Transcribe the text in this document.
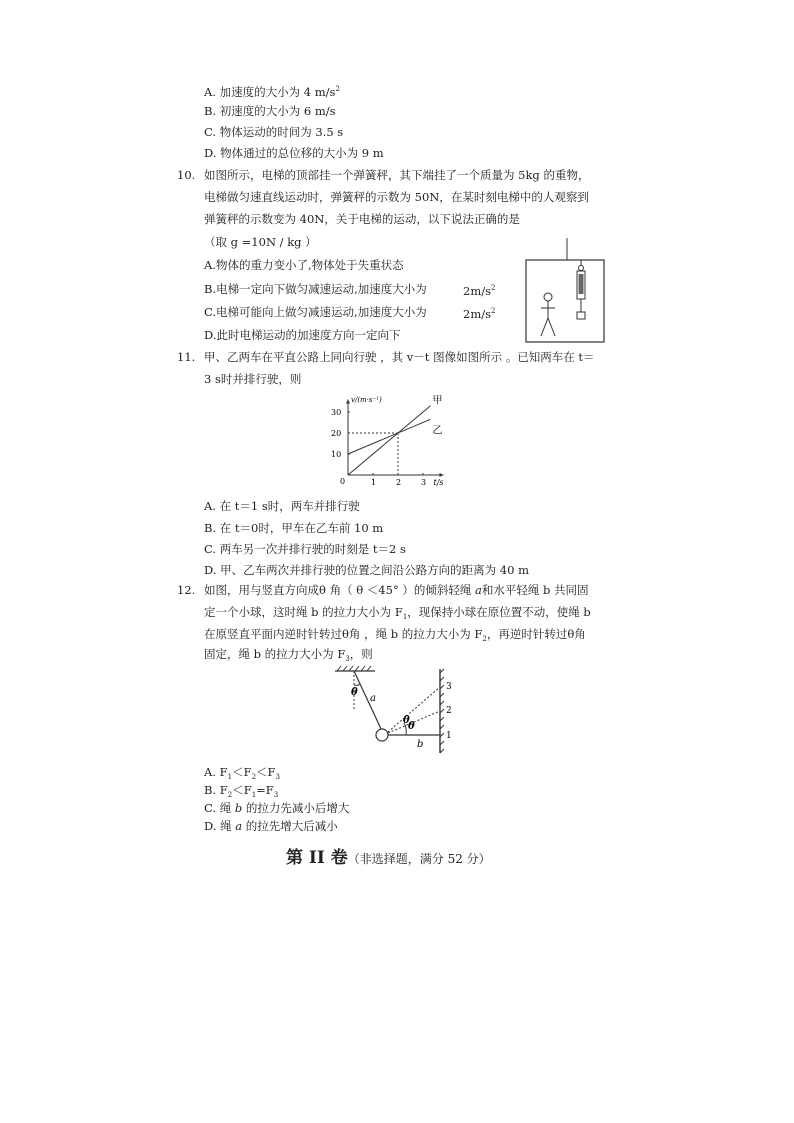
A. 加速度的大小为 4 $m/s^2$
B. 初速度的大小为 6 m/s
C. 物体运动的时间为 3.5 s
D. 物体通过的总位移的大小为 9 m
10. 如图所示，电梯的顶部挂一个弹簧秤，其下端挂了一个质量为 5kg 的重物，
电梯做匀速直线运动时，弹簧秤的示数为 50N，在某时刻电梯中的人观察到
弹簧秤的示数变为 40N，关于电梯的运动，以下说法正确的是
（取 g =10N / kg ）
A.物体的重力变小了,物体处于失重状态
B.电梯一定向下做匀减速运动,加速度大小为	$2m/s^2$
C.电梯可能向上做匀减速运动,加速度大小为	$2m/s^2$
D.此时电梯运动的加速度方向一定向下
11. 甲、乙两车在平直公路上同向行驶 ，其 v－t 图像如图所示 。已知两车在 t＝
3 s时并排行驶，则
1 2 3
10
20
30
0
v/(m·s⁻¹)
t/s
甲
乙
A. 在 t＝1 s时，两车并排行驶
B. 在 t＝0时，甲车在乙车前 10 m
C. 两车另一次并排行驶的时刻是 t＝2 s
D. 甲、乙车两次并排行驶的位置之间沿公路方向的距离为 40 m
12. 如图，用与竖直方向成θ 角（ θ ＜45° ）的倾斜轻绳 a和水平轻绳 b 共同固
定一个小球，这时绳 b 的拉力大小为 $F_1$，现保持小球在原位置不动，使绳 b
在原竖直平面内逆时针转过θ角 ，绳 b 的拉力大小为 $F_2$，再逆时针转过θ角
固定，绳 b 的拉力大小为 $F_3$，则
θ
a
b
θ
θ
3
2
1
A. $F_1<F_2<F_3$
B. $F_2<F_1=F_3$
C. 绳 b 的拉力先减小后增大
D. 绳 a 的拉先增大后减小
第 II 卷（非选择题，满分 52 分）
